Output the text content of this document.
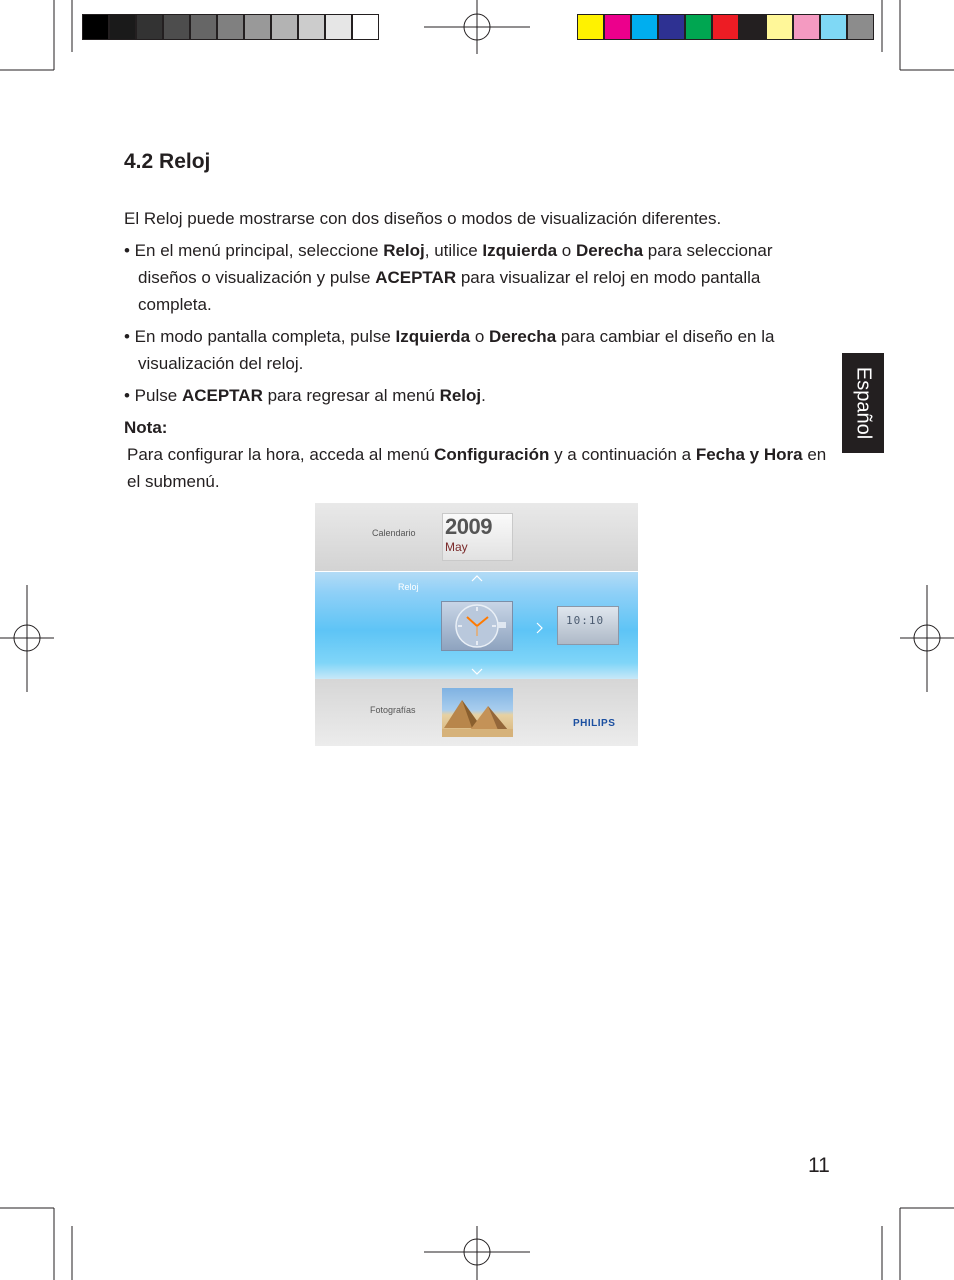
4.2 Reloj
El Reloj puede mostrarse con dos diseños o modos de visualización diferentes.
• En el menú principal, seleccione Reloj, utilice Izquierda o Derecha para seleccionar diseños o visualización y pulse ACEPTAR para visualizar el reloj en modo pantalla completa.
• En modo pantalla completa, pulse Izquierda o Derecha para cambiar el diseño en la visualización del reloj.
• Pulse ACEPTAR para regresar al menú Reloj.
Nota:
Para configurar la hora, acceda al menú Configuración y a continuación a Fecha y Hora en el submenú.
Español
Calendario 2009
May
Reloj
10:10
Fotografías
PHILIPS
11
